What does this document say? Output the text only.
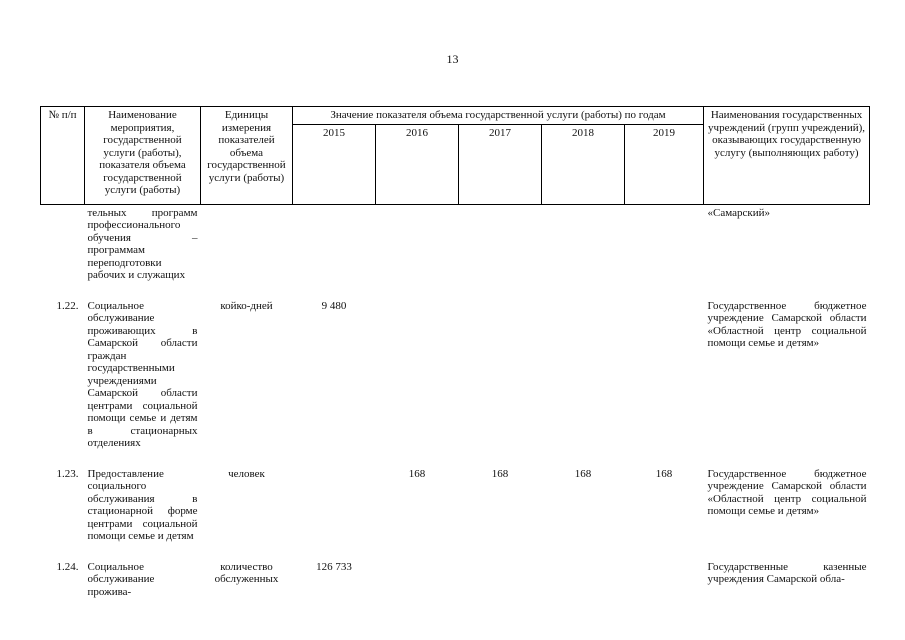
13
№ п/п	Наименование мероприятия, государственной услуги (работы), показателя объема государственной услуги (работы)	Единицы измерения показателей объема государственной услуги (работы)	Значение показателя объема государственной услуги (работы) по годам					Наименования государственных учреждений (групп учреждений), оказывающих государственную услугу (выполняющих работу)
			2015	2016	2017	2018	2019	
	тельных программ профессионального обучения – программам переподготовки рабочих и служащих							«Самарский»

1.22.	Социальное обслуживание проживающих в Самарской области граждан государственными учреждениями Самарской области центрами социальной помощи семье и детям в стационарных отделениях	койко-дней	9 480					Государственное бюджетное учреждение Самарской области «Областной центр социальной помощи семье и детям»

1.23.	Предоставление социального обслуживания в стационарной форме центрами социальной помощи семье и детям	человек		168	168	168	168	Государственное бюджетное учреждение Самарской области «Областной центр социальной помощи семье и детям»

1.24.	Социальное обслуживание прожива-	количество обслуженных	126 733					Государственные казенные учреждения Самарской обла-
